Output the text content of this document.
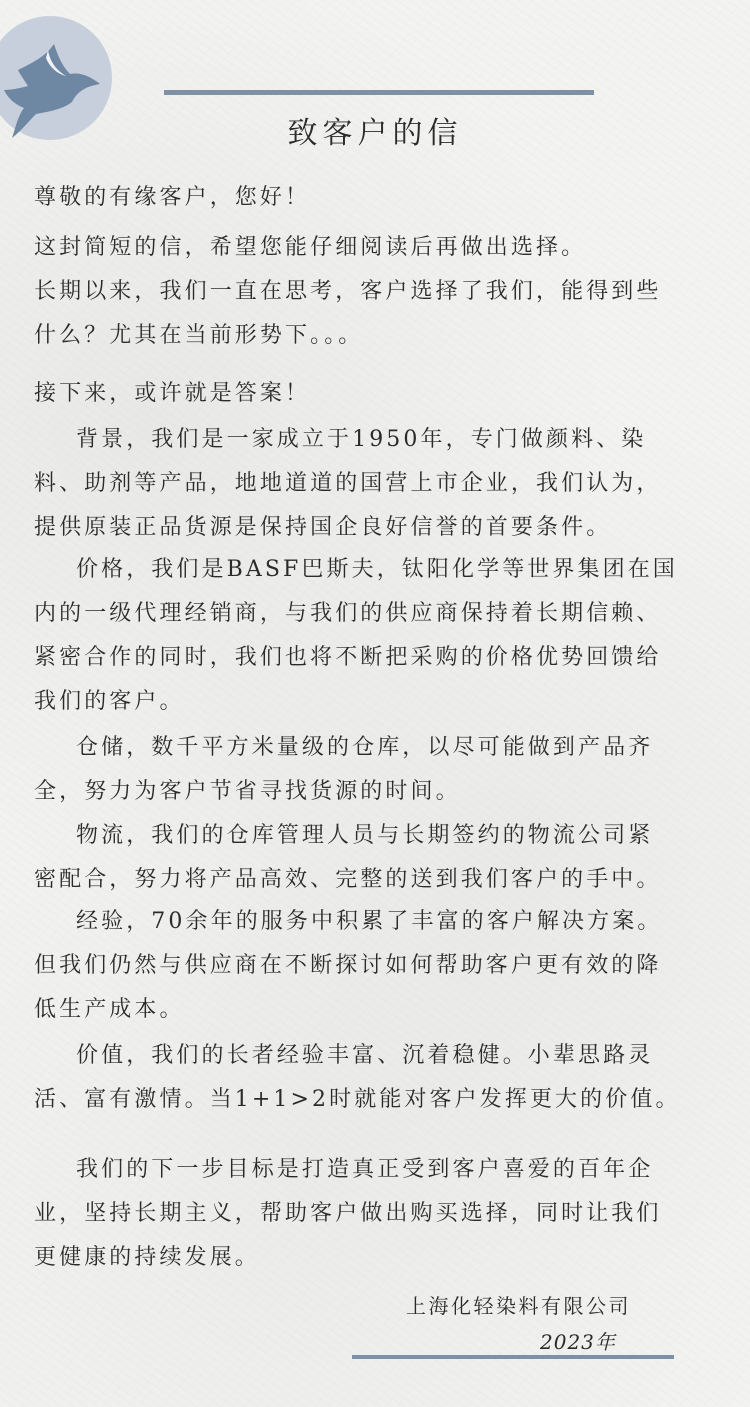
致客户的信
尊敬的有缘客户，您好！
这封简短的信，希望您能仔细阅读后再做出选择。
长期以来，我们一直在思考，客户选择了我们，能得到些
什么？尤其在当前形势下。。。
接下来，或许就是答案！
背景，我们是一家成立于1950年，专门做颜料、染
料、助剂等产品，地地道道的国营上市企业，我们认为，
提供原装正品货源是保持国企良好信誉的首要条件。
价格，我们是BASF巴斯夫，钛阳化学等世界集团在国
内的一级代理经销商，与我们的供应商保持着长期信赖、
紧密合作的同时，我们也将不断把采购的价格优势回馈给
我们的客户。
仓储，数千平方米量级的仓库，以尽可能做到产品齐
全，努力为客户节省寻找货源的时间。
物流，我们的仓库管理人员与长期签约的物流公司紧
密配合，努力将产品高效、完整的送到我们客户的手中。
经验，70余年的服务中积累了丰富的客户解决方案。
但我们仍然与供应商在不断探讨如何帮助客户更有效的降
低生产成本。
价值，我们的长者经验丰富、沉着稳健。小辈思路灵
活、富有激情。当1+1>2时就能对客户发挥更大的价值。
我们的下一步目标是打造真正受到客户喜爱的百年企
业，坚持长期主义，帮助客户做出购买选择，同时让我们
更健康的持续发展。
上海化轻染料有限公司
2023年
